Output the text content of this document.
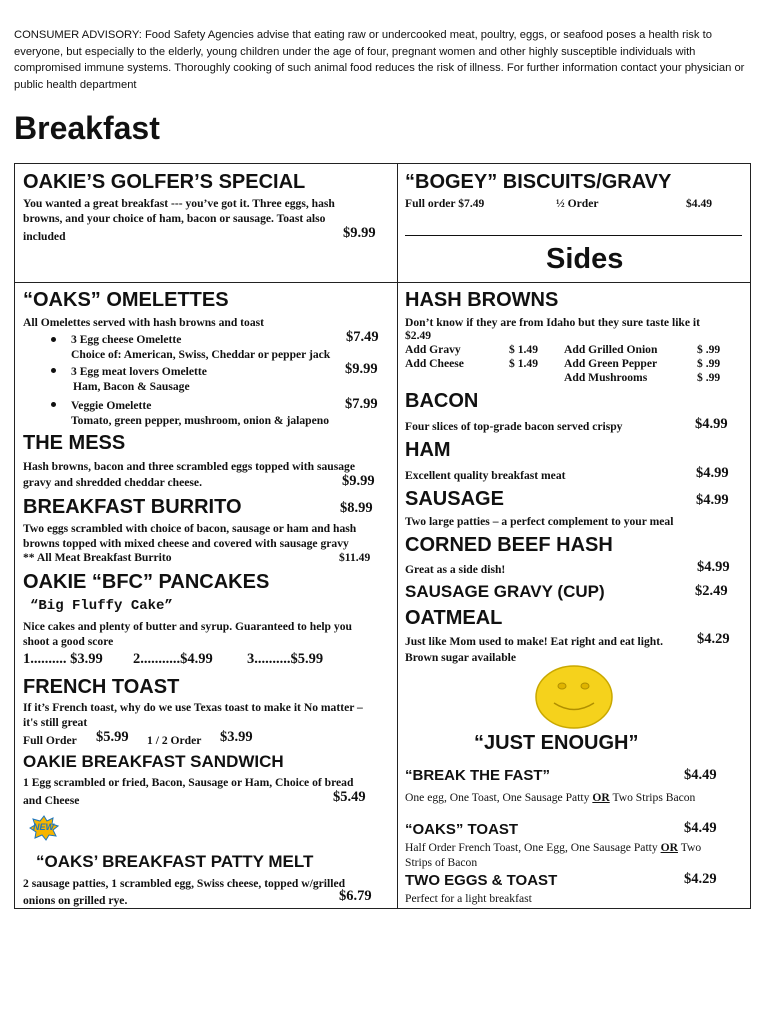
CONSUMER ADVISORY: Food Safety Agencies advise that eating raw or undercooked meat, poultry, eggs, or seafood poses a health risk to everyone, but especially to the elderly, young children under the age of four, pregnant women and other highly susceptible individuals with compromised immune systems. Thoroughly cooking of such animal food reduces the risk of illness. For further information contact your physician or public health department
Breakfast
OAKIE’S GOLFER’S SPECIAL
You wanted a great breakfast --- you’ve got it. Three eggs, hash
browns, and your choice of ham, bacon or sausage. Toast also
included	$9.99
“OAKS” OMELETTES
All Omelettes served with hash browns and toast
3 Egg cheese Omelette	$7.49
Choice of: American, Swiss, Cheddar or pepper jack
3 Egg meat lovers Omelette	$9.99
Ham, Bacon & Sausage
Veggie Omelette	$7.99
Tomato, green pepper, mushroom, onion & jalapeno
THE MESS
Hash browns, bacon and three scrambled eggs topped with sausage
gravy and shredded cheddar cheese.	$9.99
BREAKFAST BURRITO	$8.99
Two eggs scrambled with choice of bacon, sausage or ham and hash
browns topped with mixed cheese and covered with sausage gravy
** All Meat Breakfast Burrito	$11.49
OAKIE “BFC” PANCAKES
“Big Fluffy Cake”
Nice cakes and plenty of butter and syrup. Guaranteed to help you
shoot a good score
1.......... $3.99 2...........$4.99 3..........$5.99
FRENCH TOAST
If it’s French toast, why do we use Texas toast to make it No matter –
it's still great
Full Order $5.99 1 / 2 Order $3.99
OAKIE BREAKFAST SANDWICH
1 Egg scrambled or fried, Bacon, Sausage or Ham, Choice of bread
and Cheese	$5.49
NEW
“OAKS’ BREAKFAST PATTY MELT
2 sausage patties, 1 scrambled egg, Swiss cheese, topped w/grilled
onions on grilled rye.	$6.79
“BOGEY” BISCUITS/GRAVY
Full order $7.49	½ Order	$4.49
Sides
HASH BROWNS
Don’t know if they are from Idaho but they sure taste like it
$2.49
Add Gravy	$ 1.49
Add Cheese	$ 1.49
Add Grilled Onion	$ .99
Add Green Pepper	$ .99
Add Mushrooms	$ .99
BACON
Four slices of top-grade bacon served crispy	$4.99
HAM
Excellent quality breakfast meat	$4.99
SAUSAGE	$4.99
Two large patties – a perfect complement to your meal
CORNED BEEF HASH
Great as a side dish!	$4.99
SAUSAGE GRAVY (CUP)	$2.49
OATMEAL
Just like Mom used to make! Eat right and eat light.
Brown sugar available
$4.29
“JUST ENOUGH”
“BREAK THE FAST”	$4.49
One egg, One Toast, One Sausage Patty OR Two Strips Bacon
“OAKS” TOAST	$4.49
Half Order French Toast, One Egg, One Sausage Patty OR Two
Strips of Bacon
TWO EGGS & TOAST	$4.29
Perfect for a light breakfast
